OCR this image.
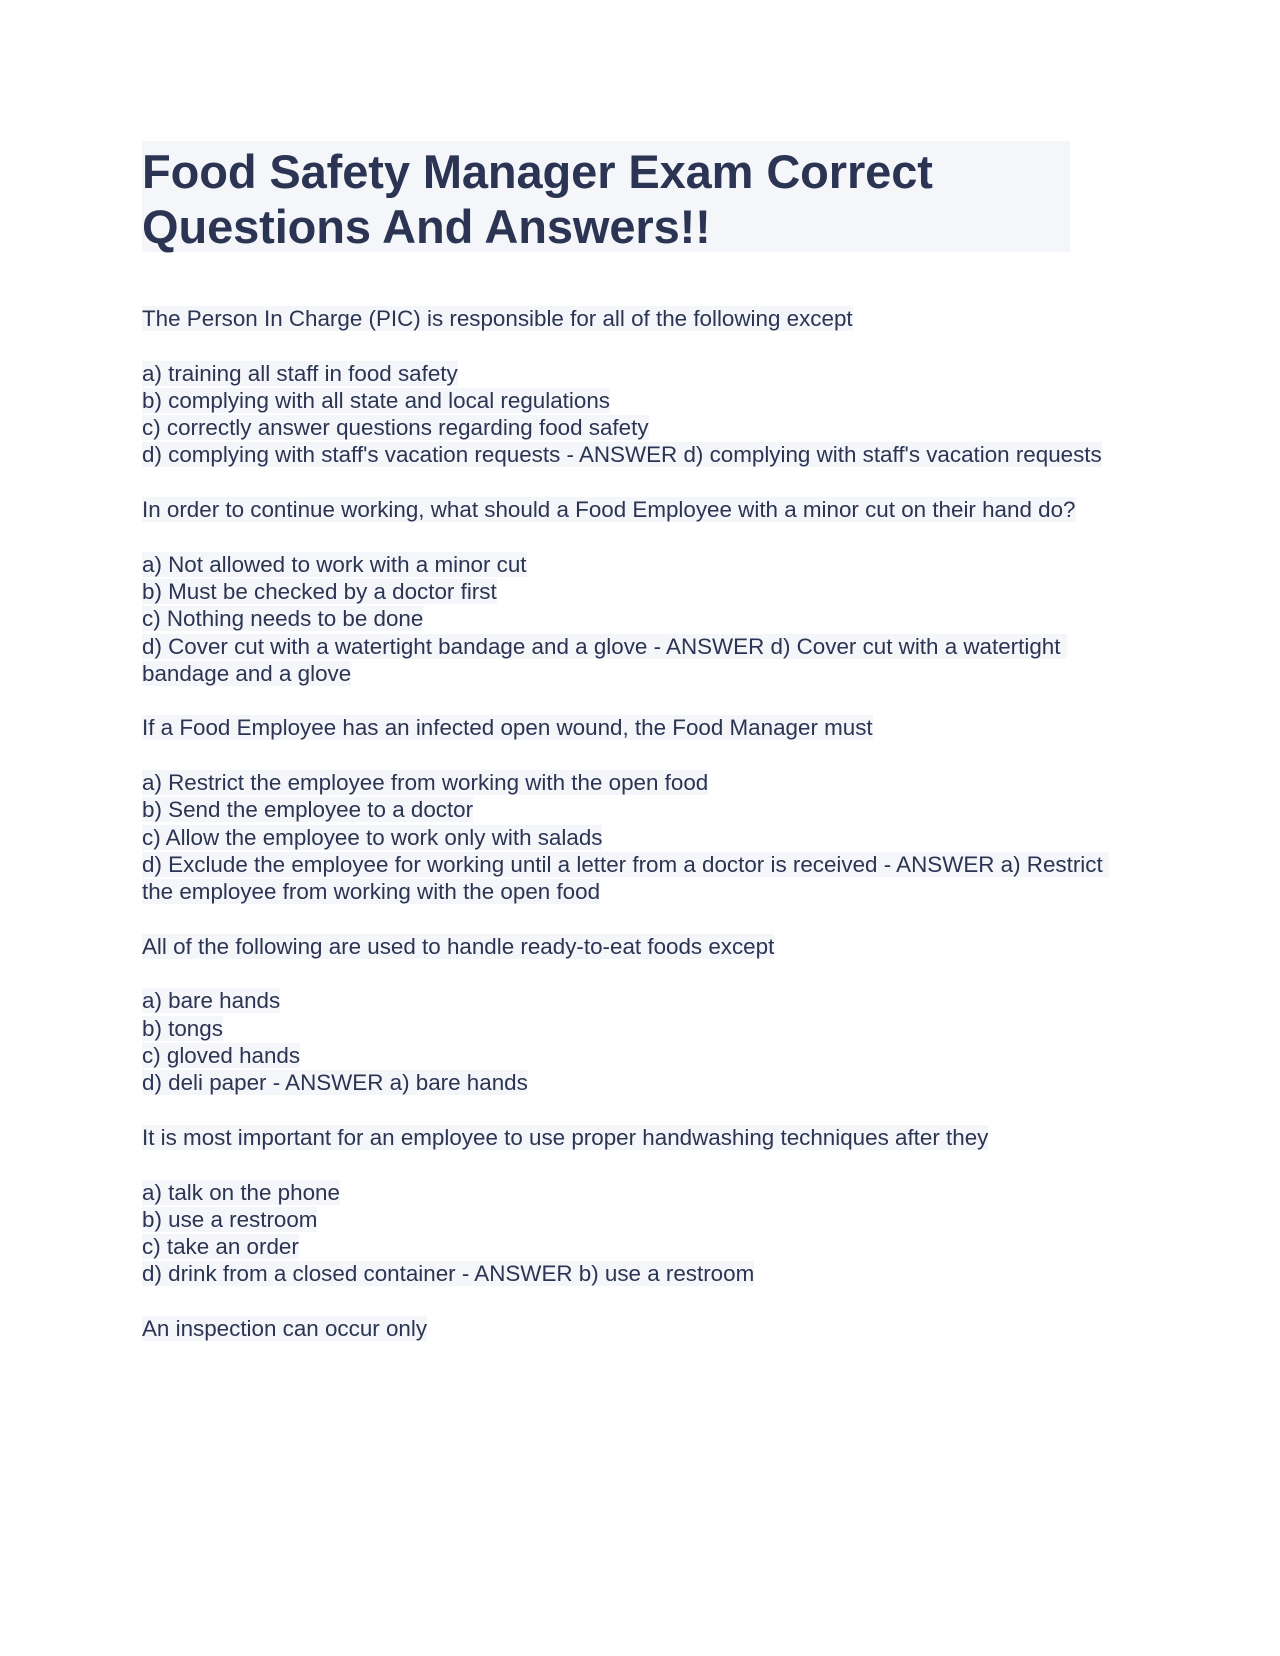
Food Safety Manager Exam Correct Questions And Answers!!
The Person In Charge (PIC) is responsible for all of the following except
a) training all staff in food safety
b) complying with all state and local regulations
c) correctly answer questions regarding food safety
d) complying with staff's vacation requests - ANSWER d) complying with staff's vacation requests
In order to continue working, what should a Food Employee with a minor cut on their hand do?
a) Not allowed to work with a minor cut
b) Must be checked by a doctor first
c) Nothing needs to be done
d) Cover cut with a watertight bandage and a glove - ANSWER d) Cover cut with a watertight bandage and a glove
If a Food Employee has an infected open wound, the Food Manager must
a) Restrict the employee from working with the open food
b) Send the employee to a doctor
c) Allow the employee to work only with salads
d) Exclude the employee for working until a letter from a doctor is received - ANSWER a) Restrict the employee from working with the open food
All of the following are used to handle ready-to-eat foods except
a) bare hands
b) tongs
c) gloved hands
d) deli paper - ANSWER a) bare hands
It is most important for an employee to use proper handwashing techniques after they
a) talk on the phone
b) use a restroom
c) take an order
d) drink from a closed container - ANSWER b) use a restroom
An inspection can occur only
